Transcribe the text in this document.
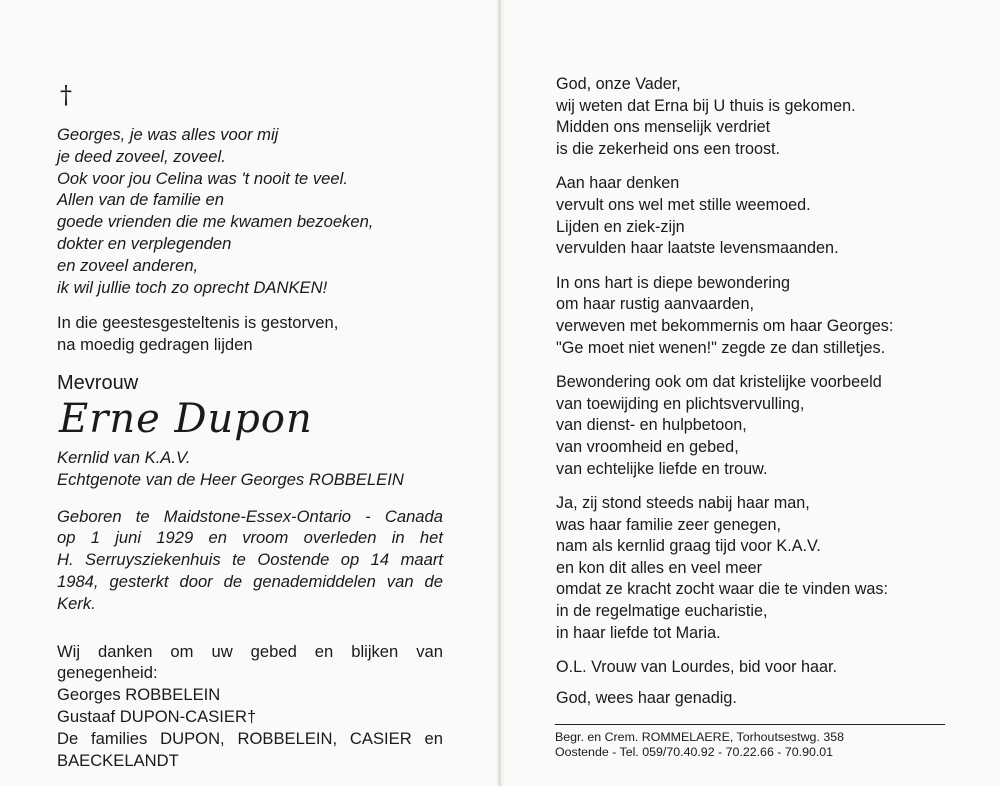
†
Georges, je was alles voor mij
je deed zoveel, zoveel.
Ook voor jou Celina was 't nooit te veel.
Allen van de familie en
goede vrienden die me kwamen bezoeken,
dokter en verplegenden
en zoveel anderen,
ik wil jullie toch zo oprecht DANKEN!
In die geestesgesteltenis is gestorven,
na moedig gedragen lijden
Mevrouw
Erne Dupon
Kernlid van K.A.V.
Echtgenote van de Heer Georges ROBBELEIN
Geboren te Maidstone-Essex-Ontario - Canada
op 1 juni 1929 en vroom overleden in het
H. Serruysziekenhuis te Oostende op 14 maart
1984, gesterkt door de genademiddelen van de
Kerk.
Wij danken om uw gebed en blijken van
genegenheid:
Georges ROBBELEIN
Gustaaf DUPON-CASIER†
De families DUPON, ROBBELEIN, CASIER en
BAECKELANDT
God, onze Vader,
wij weten dat Erna bij U thuis is gekomen.
Midden ons menselijk verdriet
is die zekerheid ons een troost.
Aan haar denken
vervult ons wel met stille weemoed.
Lijden en ziek-zijn
vervulden haar laatste levensmaanden.
In ons hart is diepe bewondering
om haar rustig aanvaarden,
verweven met bekommernis om haar Georges:
"Ge moet niet wenen!" zegde ze dan stilletjes.
Bewondering ook om dat kristelijke voorbeeld
van toewijding en plichtsvervulling,
van dienst- en hulpbetoon,
van vroomheid en gebed,
van echtelijke liefde en trouw.
Ja, zij stond steeds nabij haar man,
was haar familie zeer genegen,
nam als kernlid graag tijd voor K.A.V.
en kon dit alles en veel meer
omdat ze kracht zocht waar die te vinden was:
in de regelmatige eucharistie,
in haar liefde tot Maria.
O.L. Vrouw van Lourdes, bid voor haar.
God, wees haar genadig.
Begr. en Crem. ROMMELAERE, Torhoutsestwg. 358
Oostende - Tel. 059/70.40.92 - 70.22.66 - 70.90.01
